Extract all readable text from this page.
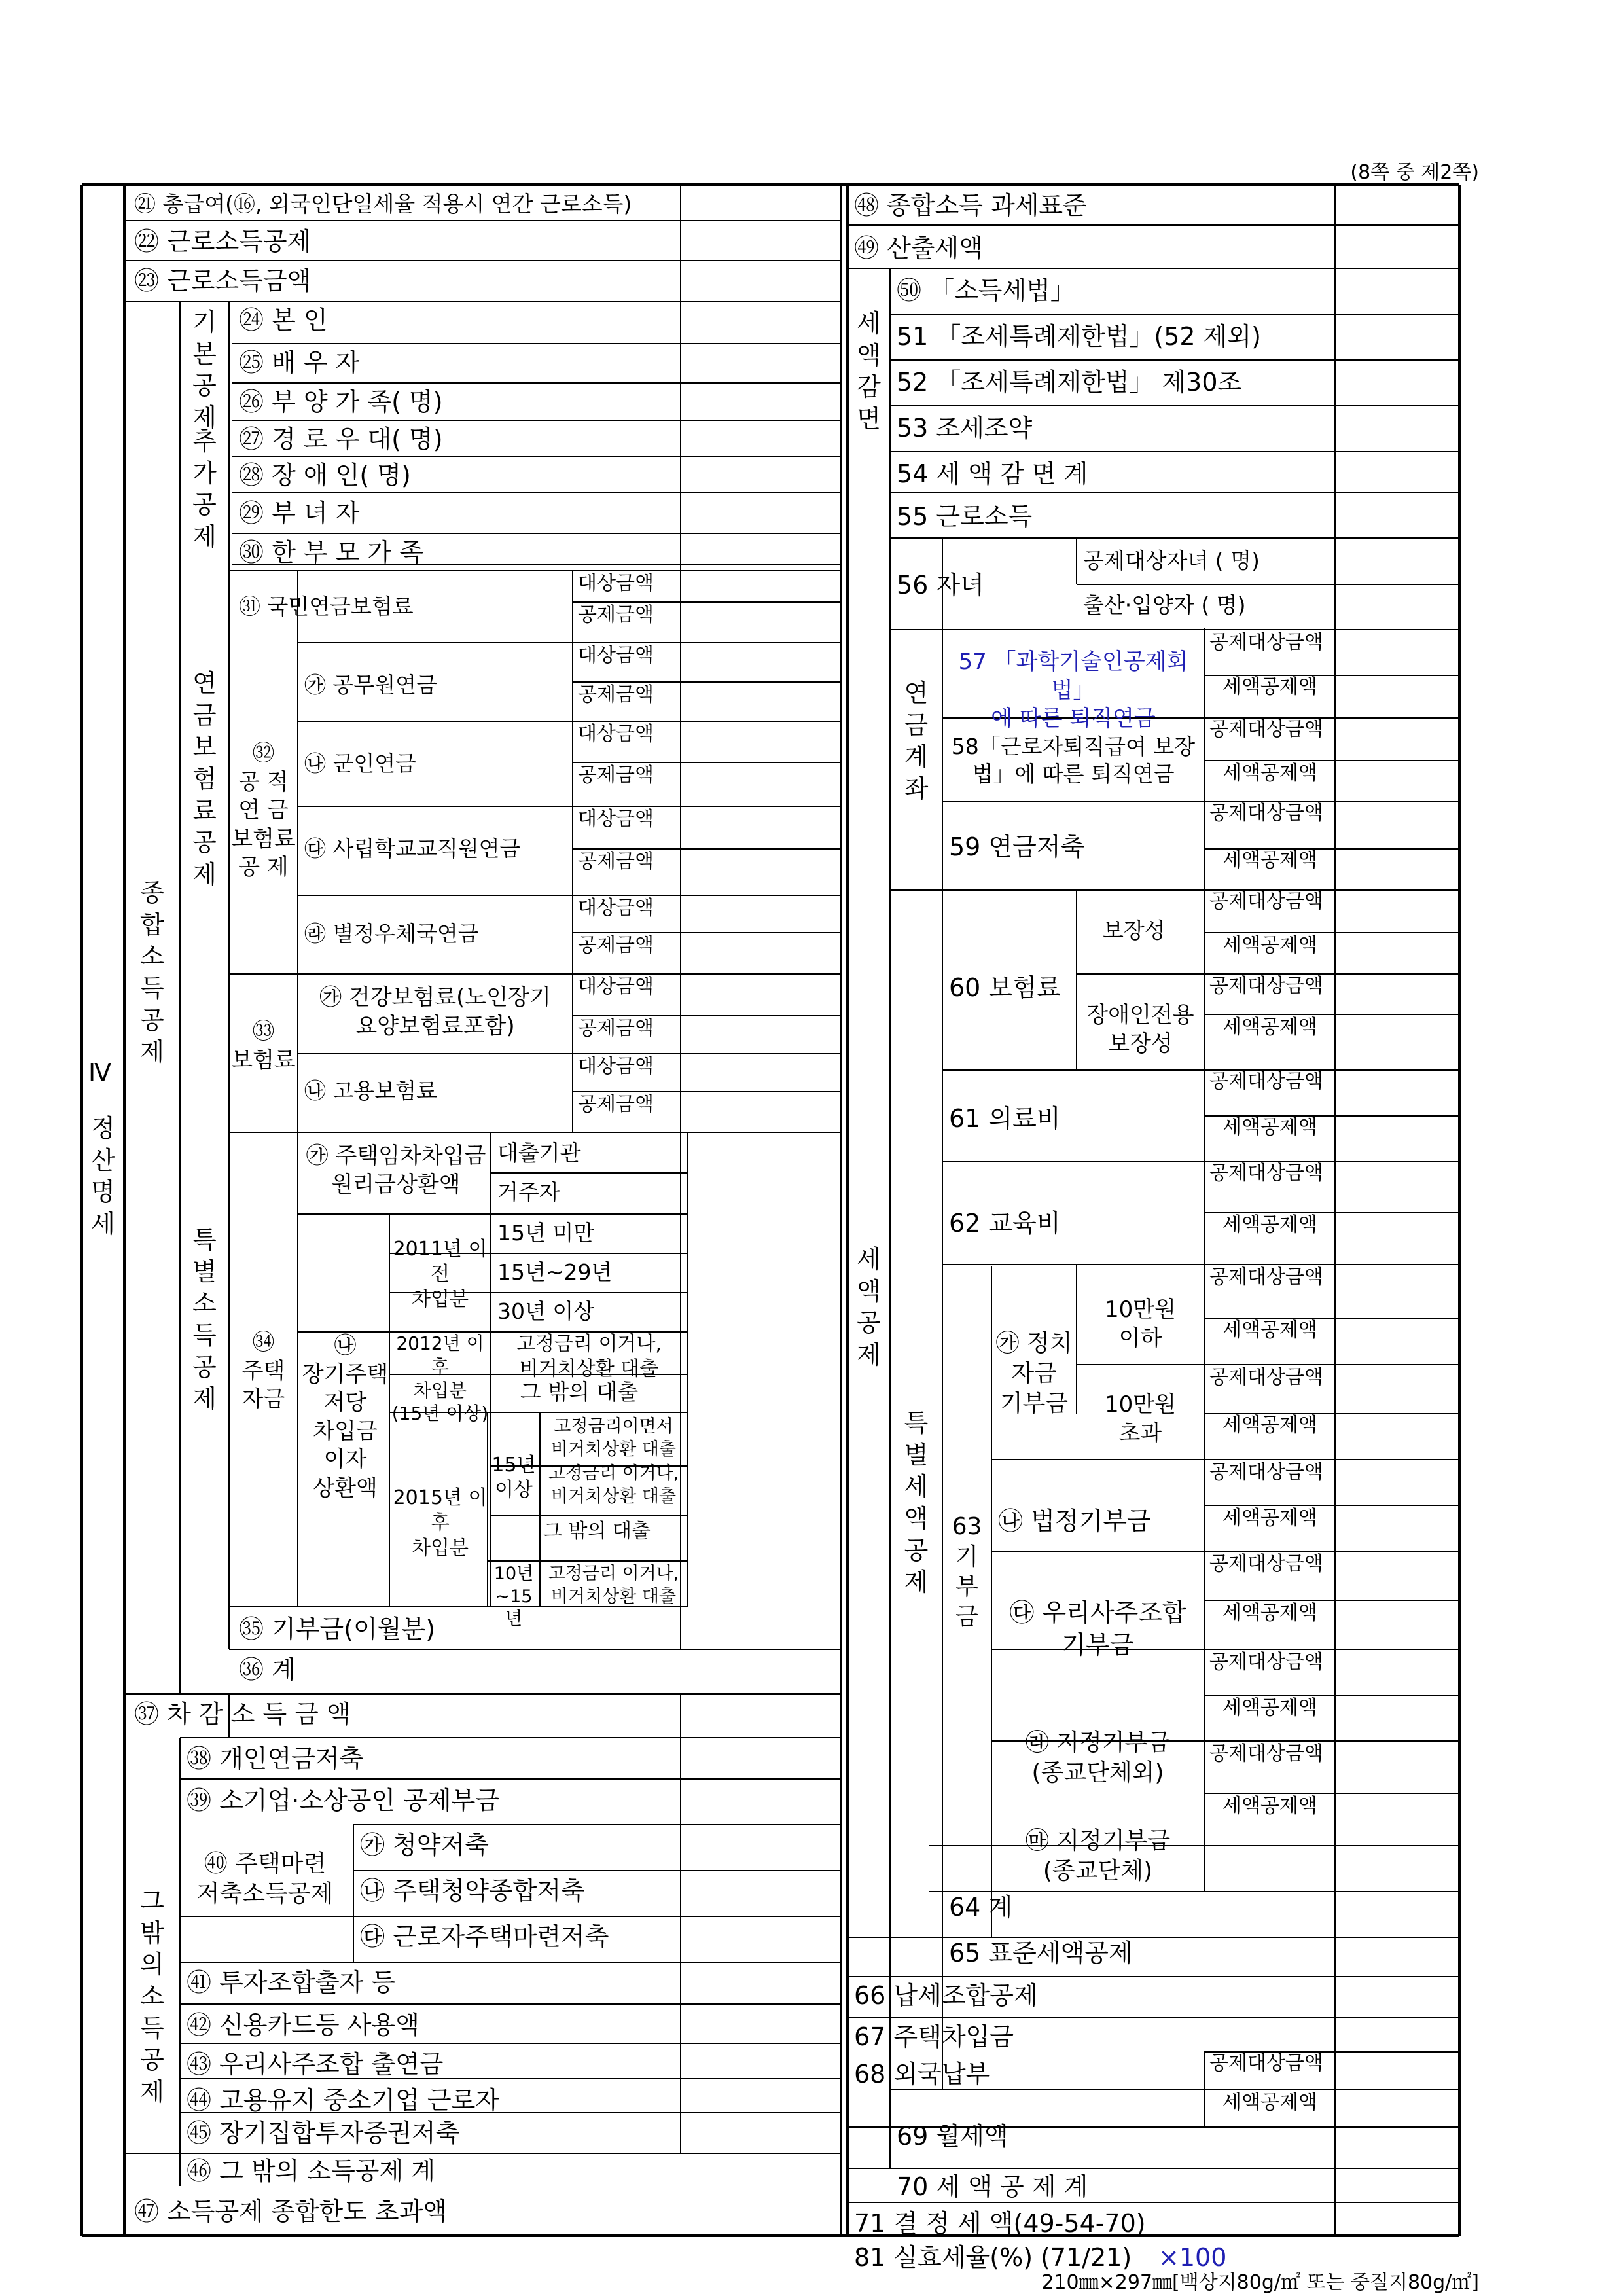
Ⅳ
㉑ 총급여(⑯, 외국인단일세율 적용시 연간 근로소득)
㉒ 근로소득공제
㉓ 근로소득금액
㉔ 본 인
㉕ 배 우 자
㉖ 부 양 가 족( 명)
㉗ 경 로 우 대( 명)
㉘ 장 애 인( 명)
㉙ 부 녀 자
㉚ 한 부 모 가 족
㉛ 국민연금보험료
㉮ 공무원연금
㉯ 군인연금
㉰ 사립학교교직원연금
㉱ 별정우체국연금
㉯ 고용보험료
대출기관
거주자
15년 미만
15년~29년
30년 이상
그 밖의 대출
그 밖의 대출
㉟ 기부금(이월분)
㊱ 계
㊲ 차 감 소 득 금 액
㊳ 개인연금저축
㊴ 소기업·소상공인 공제부금
㉮ 청약저축
㉯ 주택청약종합저축
㉰ 근로자주택마련저축
㊶ 투자조합출자 등
㊷ 신용카드등 사용액
㊸ 우리사주조합 출연금
㊹ 고용유지 중소기업 근로자
㊺ 장기집합투자증권저축
㊻ 그 밖의 소득공제 계
㊼ 소득공제 종합한도 초과액
㊽ 종합소득 과세표준
㊾ 산출세액
㊿ 「소득세법」
51 「조세특례제한법」(52 제외)
52 「조세특례제한법」 제30조
53 조세조약
54 세 액 감 면 계
55 근로소득
56 자녀
공제대상자녀 ( 명)
출산·입양자 ( 명)
59 연금저축
60 보험료
보장성
61 의료비
62 교육비
㉯ 법정기부금
64 계
65 표준세액공제
66 납세조합공제
67 주택차입금
68 외국납부
69 월세액
70 세 액 공 제 계
71 결 정 세 액(49-54-70)
81 실효세율(%) (71/21) ×100
정
산
명
세
종
합
소
득
공
제
기
본
공
제
추
가
공
제
연
금
보
험
료
공
제
㉜
공 적
연 금
보험료
공 제
특
별
소
득
공
제
㉝
보험료
㉞
주택
자금
㉮ 주택임차차입금
원리금상환액
㉯
장기주택
저당
차입금
이자
상환액
2011년 이전
차입분
2012년 이후
차입분
(15년 이상)
고정금리 이거나,
비거치상환 대출
2015년 이후
차입분
15년
이상
고정금리이면서
비거치상환 대출
고정금리 이거나,
비거치상환 대출
10년
~15년
고정금리 이거나,
비거치상환 대출
㉮ 건강보험료(노인장기
요양보험료포함)
그
밖
의
소
득
공
제
㊵ 주택마련
저축소득공제
세
액
감
면
세
액
공
제
연
금
계
좌
57 「과학기술인공제회법」
에 따른 퇴직연금
58「근로자퇴직급여 보장
법」에 따른 퇴직연금
특
별
세
액
공
제
장애인전용
보장성
63
기
부
금
㉮ 정치
자금
기부금
10만원
이하
10만원
초과
㉰ 우리사주조합
기부금
㉱ 지정기부금
(종교단체외)
㉲ 지정기부금
(종교단체)
대상금액
공제금액
대상금액
공제금액
대상금액
공제금액
대상금액
공제금액
대상금액
공제금액
대상금액
공제금액
대상금액
공제금액
공제대상금액
세액공제액
공제대상금액
세액공제액
공제대상금액
세액공제액
공제대상금액
세액공제액
공제대상금액
세액공제액
공제대상금액
세액공제액
공제대상금액
세액공제액
공제대상금액
세액공제액
공제대상금액
세액공제액
공제대상금액
세액공제액
공제대상금액
세액공제액
공제대상금액
세액공제액
공제대상금액
세액공제액
공제대상금액
세액공제액
(8쪽 중 제2쪽)
210㎜×297㎜[백상지80g/㎡ 또는 중질지80g/㎡]
